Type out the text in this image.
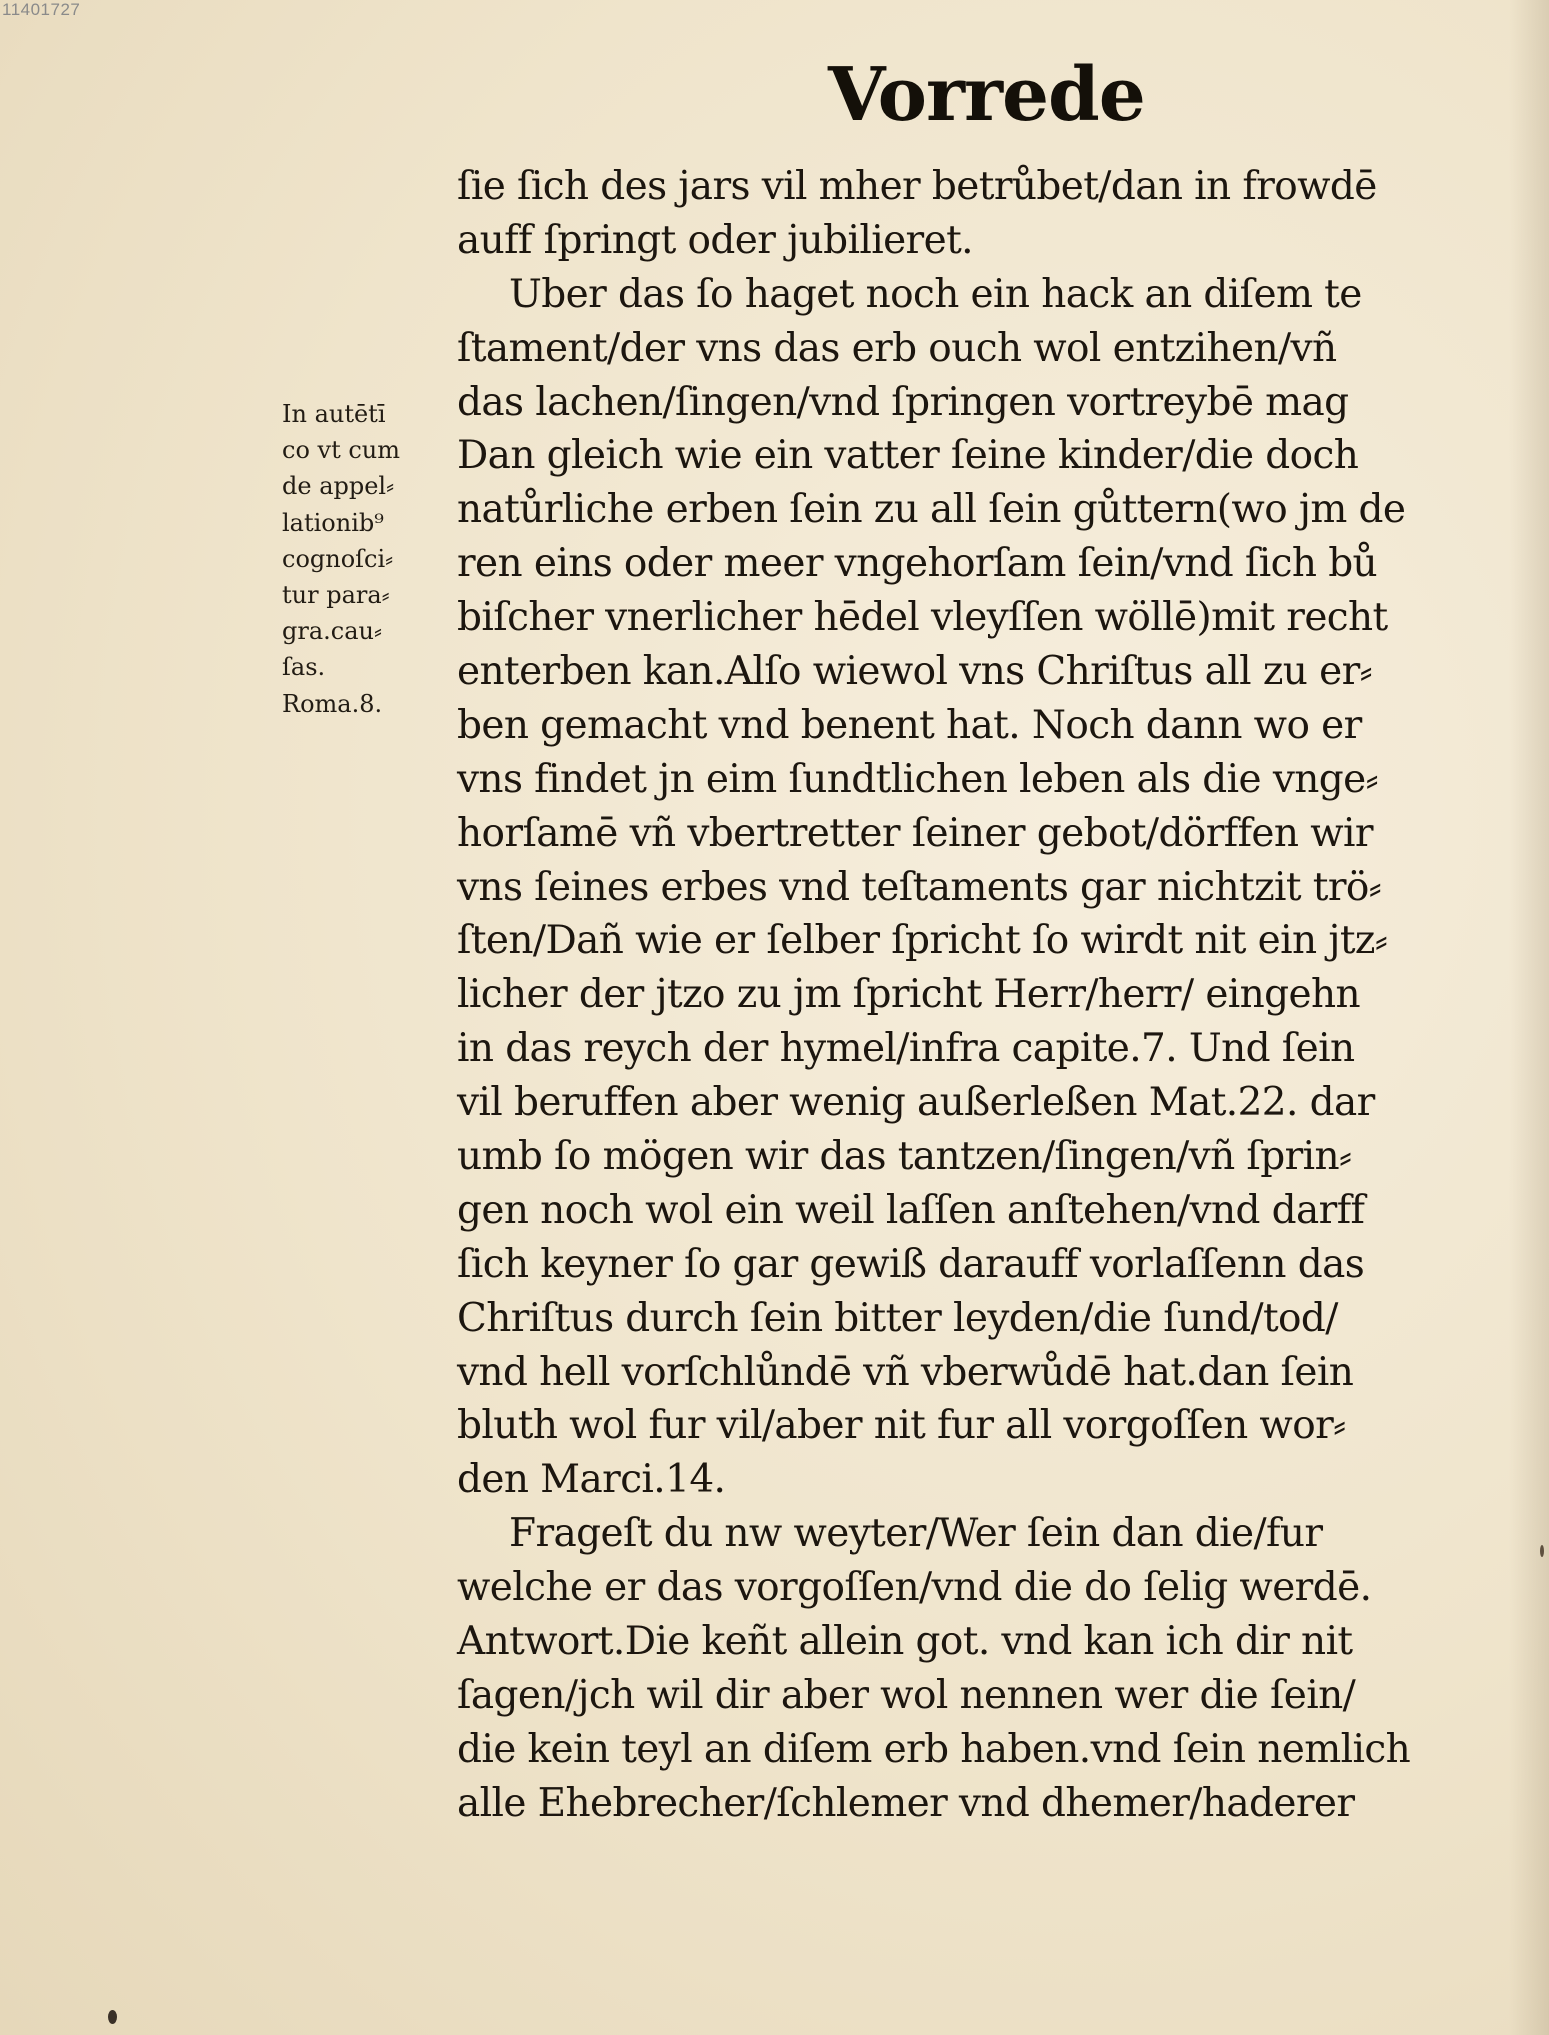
11401727
Vorrede
In autētī
co vt cum
de appel⸗
lationib⁹
cognoſci⸗
tur para⸗
gra.cau⸗
ſas.
Roma.8.
ſie ſich des jars vil mher betrůbet/dan in frowdē
auff ſpringt oder jubilieret.
Uber das ſo haget noch ein hack an diſem te
ſtament/der vns das erb ouch wol entzihen/vñ
das lachen/ſingen/vnd ſpringen vortreybē mag
Dan gleich wie ein vatter ſeine kinder/die doch
natůrliche erben ſein zu all ſein gůttern(wo jm de
ren eins oder meer vngehorſam ſein/vnd ſich bů
biſcher vnerlicher hēdel vleyſſen wöllē)mit recht
enterben kan.Alſo wiewol vns Chriſtus all zu er⸗
ben gemacht vnd benent hat. Noch dann wo er
vns findet jn eim ſundtlichen leben als die vnge⸗
horſamē vñ vbertretter ſeiner gebot/dörffen wir
vns ſeines erbes vnd teſtaments gar nichtzit trö⸗
ſten/Dañ wie er ſelber ſpricht ſo wirdt nit ein jtz⸗
licher der jtzo zu jm ſpricht Herr/herr/ eingehn
in das reych der hymel/infra capite.7. Und ſein
vil beruffen aber wenig außerleßen Mat.22. dar
umb ſo mögen wir das tantzen/ſingen/vñ ſprin⸗
gen noch wol ein weil laſſen anſtehen/vnd darff
ſich keyner ſo gar gewiß darauff vorlaſſenn das
Chriſtus durch ſein bitter leyden/die ſund/tod/
vnd hell vorſchlůndē vñ vberwůdē hat.dan ſein
bluth wol fur vil/aber nit fur all vorgoſſen wor⸗
den Marci.14.
Frageſt du nw weyter/Wer ſein dan die/fur
welche er das vorgoſſen/vnd die do ſelig werdē.
Antwort.Die keñt allein got. vnd kan ich dir nit
ſagen/jch wil dir aber wol nennen wer die ſein/
die kein teyl an diſem erb haben.vnd ſein nemlich
alle Ehebrecher/ſchlemer vnd dhemer/haderer
